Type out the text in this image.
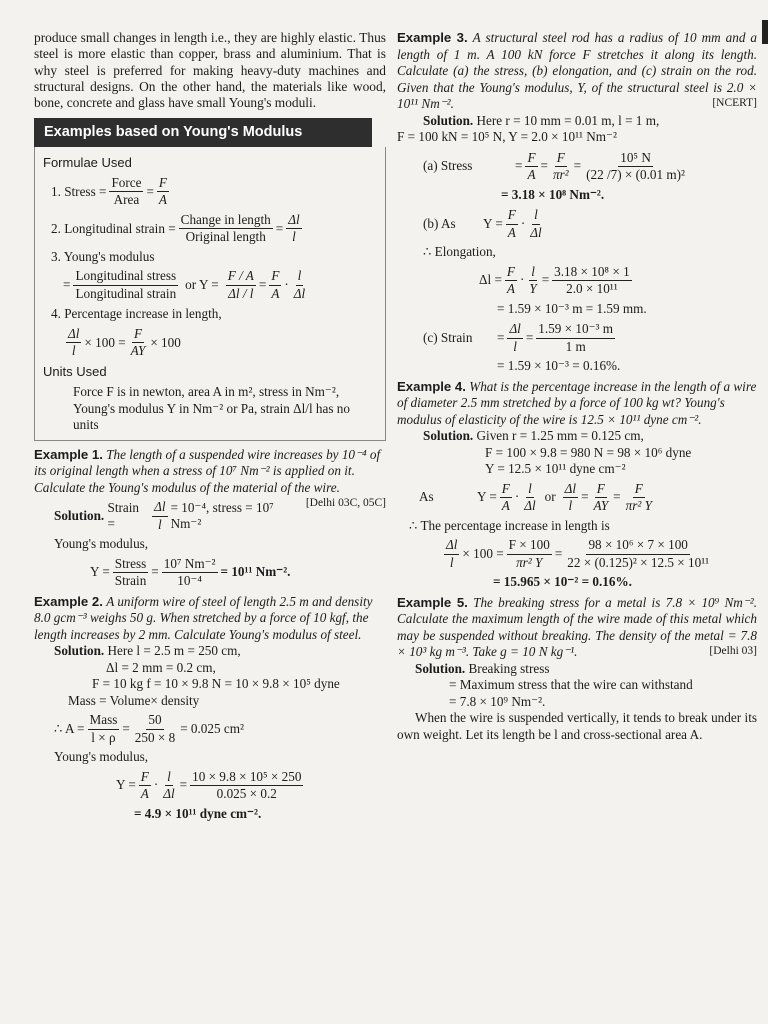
produce small changes in length i.e., they are highly elastic. Thus steel is more elastic than copper, brass and aluminium. That is why steel is preferred for making heavy-duty machines and structural designs. On the other hand, the materials like wood, bone, concrete and glass have small Young's moduli.

Examples based on Young's Modulus
Formulae Used
1. Stress =
Force
Area
= $\frac{F}{A}$
2. Longitudinal strain =
Change in length
Original length
= $\frac{\Delta l}{l}$
3. Young's modulus
=
Longitudinal stress
Longitudinal strain
or $Y = \frac{F / A}{\Delta l / l} = \frac{F}{A}$ ·
l
Δl
4. Percentage increase in length,
$\frac{\Delta l}{l} \times 100 = \frac{F}{AY} \times 100$
Units Used

Force F is in newton, area A in m², stress in Nm⁻², Young's modulus Y in Nm⁻² or Pa, strain Δl/l has no units

Example 1. The length of a suspended wire increases by 10⁻⁴ of its original length when a stress of 10⁷ Nm⁻² is applied on it. Calculate the Young's modulus of the material of the wire.
[Delhi 03C, 05C]

Solution.

Strain =	$\frac{\Delta l}{l} = 10^{-4}$, stress = 10⁷ Nm⁻²
Young's modulus,
Y =
Stress
Strain
= $\frac{\text{10⁷ Nm⁻²}}{\text{10⁻⁴}} = 10^{11}$ Nm⁻².

Example 2. A uniform wire of steel of length 2.5 m and density 8.0 gcm⁻³ weighs 50 g. When stretched by a force of 10 kgf, the length increases by 2 mm. Calculate Young's modulus of steel.

Solution. Here l = 2.5 m = 250 cm,
Δl = 2 mm = 0.2 cm,
F = 10 kg f = 10 × 9.8 N = 10 × 9.8 × 10⁵ dyne
Mass = Volume× density
∴ A =
Mass
l × ρ
= $\frac{50}{250 \times 8} = 0.025$ cm²
Young's modulus,
$Y = \frac{F}{A} \cdot \frac{l}{\Delta l} = \frac{\text{10 × 9.8 × 10⁵ × 250}}{0.025 \times 0.2}$
= 4.9 × 10¹¹ dyne cm⁻².

Example 3. A structural steel rod has a radius of 10 mm and a length of 1 m. A 100 kN force F stretches it along its length. Calculate (a) the stress, (b) elongation, and (c) strain on the rod. Given that the Young's modulus, Y, of the structural steel is 2.0 × 10¹¹ Nm⁻².	[NCERT]

Solution. Here r = 10 mm = 0.01 m, l = 1 m,
F = 100 kN = 10⁵ N, Y = 2.0 × 10¹¹ Nm⁻²
(a) Stress	= $\frac{F}{A} = \frac{F}{\text{πr²}} = \frac{\text{10⁵ N}}{\text{(22 /7) × (0.01 m)²}}$
= 3.18 × 10⁸ Nm⁻².
(b) As	$Y = \frac{F}{A}$ ·
l
Δl
∴ Elongation,
$\Delta l = \frac{F}{A} \cdot \frac{l}{Y} = \frac{\text{3.18 × 10⁸ × 1}}{\text{2.0 × 10¹¹}}$
= 1.59 × 10⁻³ m = 1.59 mm.
(c) Strain	= $\frac{\Delta l}{l} = \frac{\text{1.59 × 10⁻³ m}}{1 m}$
= 1.59 × 10⁻³ = 0.16%.

Example 4. What is the percentage increase in the length of a wire of diameter 2.5 mm stretched by a force of 100 kg wt? Young's modulus of elasticity of the wire is 12.5 × 10¹¹ dyne cm⁻².

Solution. Given r = 1.25 mm = 0.125 cm,
F = 100 × 9.8 = 980 N = 98 × 10⁶ dyne
Y = 12.5 × 10¹¹ dyne cm⁻²
As	$Y = \frac{F}{A}$ ·
l
Δl
or $\frac{\Delta l}{l} = \frac{F}{AY} = \frac{F}{\text{πr² Y}}$
∴ The percentage increase in length is
$\frac{\Delta l}{l} \times 100 = \frac{F \times 100}{\text{πr² Y}} = \frac{\text{98 × 10⁶ × 7 × 100}}{\text{22 × (0.125)² × 12.5 × 10¹¹}}$
= 15.965 × 10⁻² = 0.16%.

Example 5. The breaking stress for a metal is 7.8 × 10⁹ Nm⁻². Calculate the maximum length of the wire made of this metal which may be suspended without breaking. The density of the metal = 7.8 × 10³ kg m⁻³. Take g = 10 N kg⁻¹.	[Delhi 03]

Solution. Breaking stress
= Maximum stress that the wire can withstand
= 7.8 × 10⁹ Nm⁻².

When the wire is suspended vertically, it tends to break under its own weight. Let its length be l and cross-sectional area A.
